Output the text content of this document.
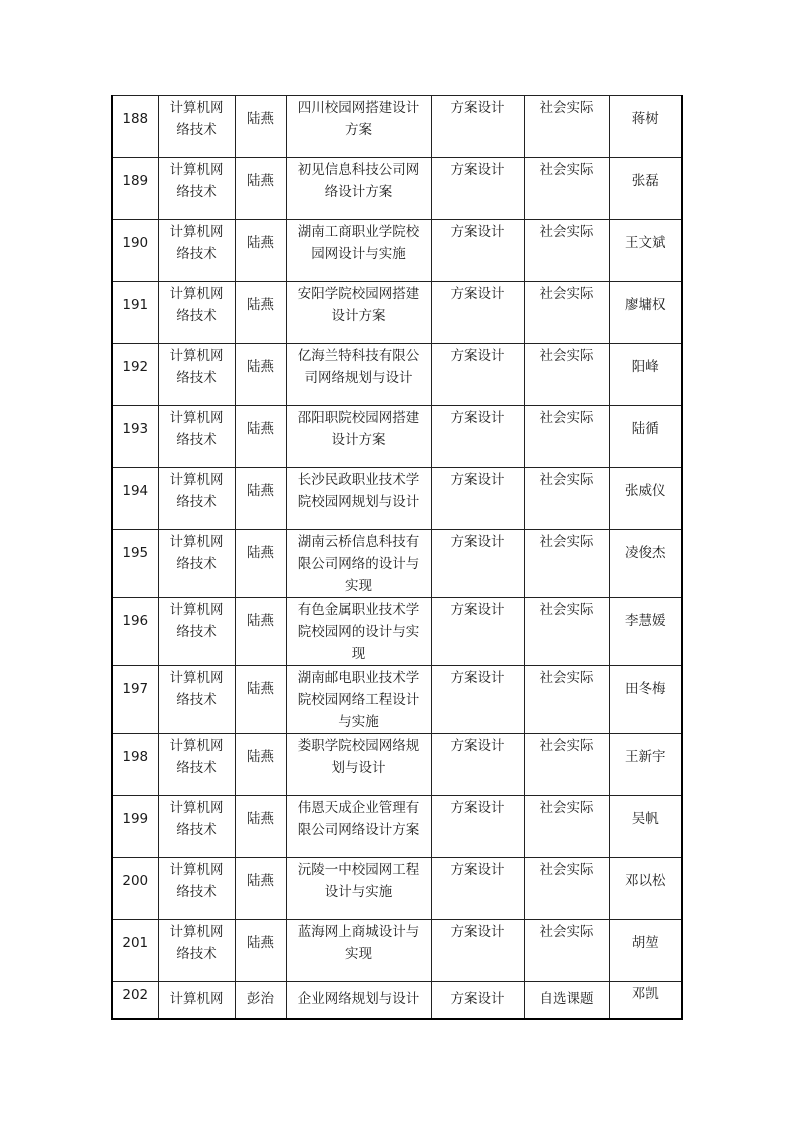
188	计算机网络技术	陆燕	四川校园网搭建设计方案	方案设计	社会实际	蒋树

189	计算机网络技术	陆燕	初见信息科技公司网络设计方案	方案设计	社会实际	张磊

190	计算机网络技术	陆燕	湖南工商职业学院校园网设计与实施	方案设计	社会实际	王文斌

191	计算机网络技术	陆燕	安阳学院校园网搭建设计方案	方案设计	社会实际	廖墉权

192	计算机网络技术	陆燕	亿海兰特科技有限公司网络规划与设计	方案设计	社会实际	阳峰

193	计算机网络技术	陆燕	邵阳职院校园网搭建设计方案	方案设计	社会实际	陆循

194	计算机网络技术	陆燕	长沙民政职业技术学院校园网规划与设计	方案设计	社会实际	张威仪

195	计算机网络技术	陆燕	湖南云桥信息科技有限公司网络的设计与实现	方案设计	社会实际	凌俊杰

196	计算机网络技术	陆燕	有色金属职业技术学院校园网的设计与实现	方案设计	社会实际	李慧媛

197	计算机网络技术	陆燕	湖南邮电职业技术学院校园网络工程设计与实施	方案设计	社会实际	田冬梅

198	计算机网络技术	陆燕	娄职学院校园网络规划与设计	方案设计	社会实际	王新宇

199	计算机网络技术	陆燕	伟恩天成企业管理有限公司网络设计方案	方案设计	社会实际	吴帆

200	计算机网络技术	陆燕	沅陵一中校园网工程设计与实施	方案设计	社会实际	邓以松

201	计算机网络技术	陆燕	蓝海网上商城设计与实现	方案设计	社会实际	胡堃

202	计算机网	彭治	企业网络规划与设计	方案设计	自选课题	邓凯
